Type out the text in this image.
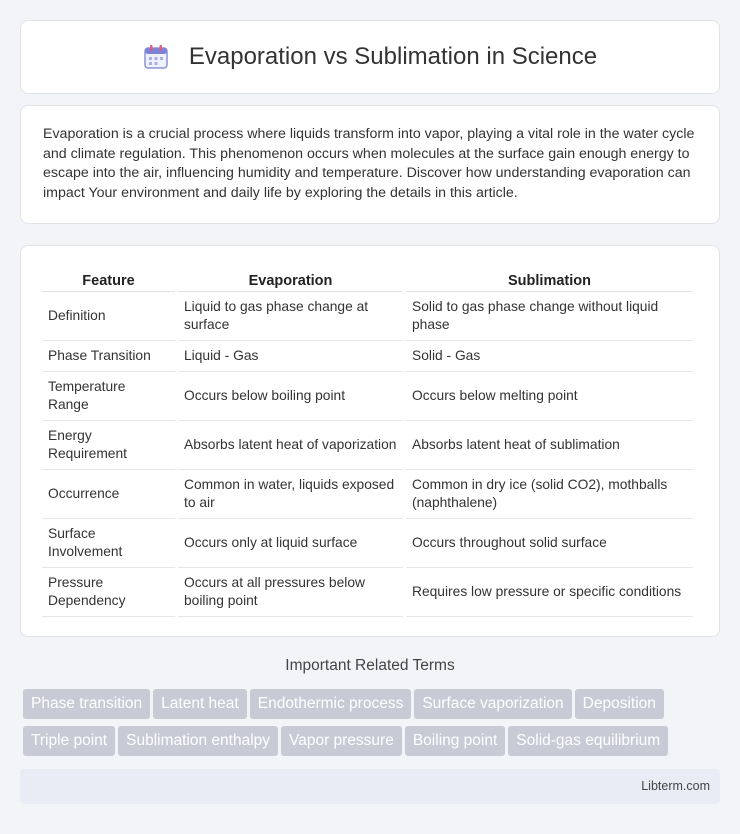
Evaporation vs Sublimation in Science

Evaporation is a crucial process where liquids transform into vapor, playing a vital role in the water cycle and climate regulation. This phenomenon occurs when molecules at the surface gain enough energy to escape into the air, influencing humidity and temperature. Discover how understanding evaporation can impact Your environment and daily life by exploring the details in this article.

Feature	Evaporation	Sublimation
Definition	Liquid to gas phase change at surface	Solid to gas phase change without liquid phase
Phase Transition	Liquid - Gas	Solid - Gas
Temperature Range	Occurs below boiling point	Occurs below melting point
Energy Requirement	Absorbs latent heat of vaporization	Absorbs latent heat of sublimation
Occurrence	Common in water, liquids exposed to air	Common in dry ice (solid CO2), mothballs (naphthalene)
Surface Involvement	Occurs only at liquid surface	Occurs throughout solid surface
Pressure Dependency	Occurs at all pressures below boiling point	Requires low pressure or specific conditions
Important Related Terms
Phase transition Latent heat Endothermic process Surface vaporization Deposition
Triple point Sublimation enthalpy Vapor pressure Boiling point Solid-gas equilibrium
Libterm.com
